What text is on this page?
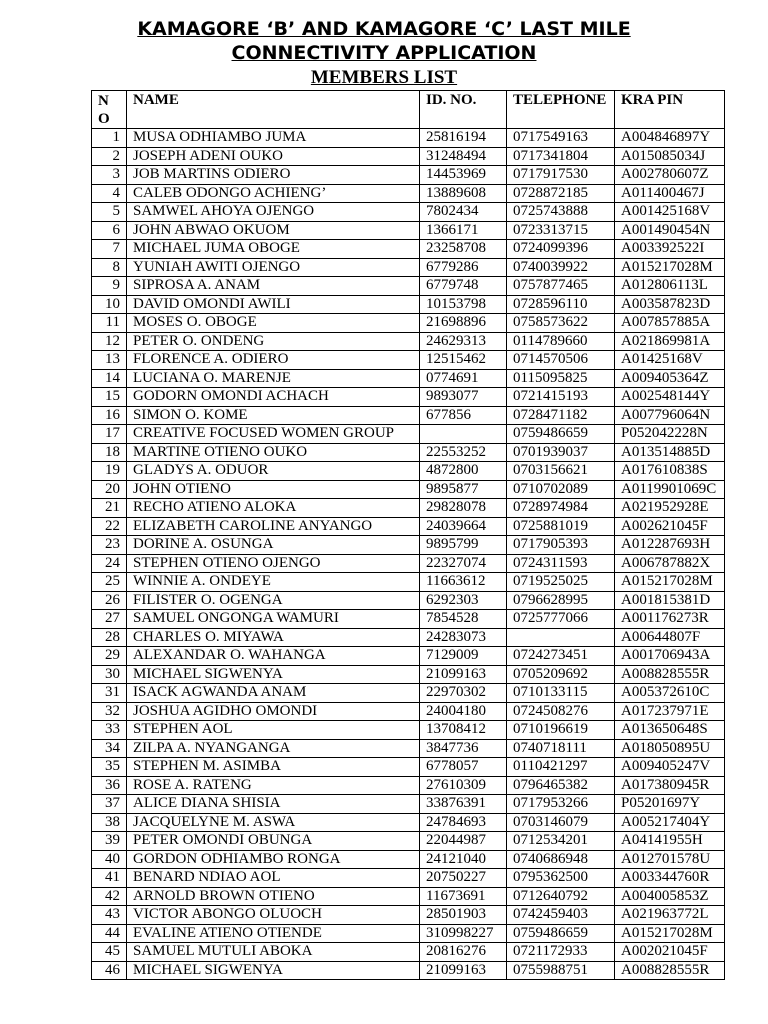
KAMAGORE ‘B’ AND KAMAGORE ‘C’ LAST MILE
CONNECTIVITY APPLICATION
MEMBERS LIST
NO	NAME	ID. NO.	TELEPHONE	KRA PIN
1	MUSA ODHIAMBO JUMA	25816194	0717549163	A004846897Y
2	JOSEPH ADENI OUKO	31248494	0717341804	A015085034J
3	JOB MARTINS ODIERO	14453969	0717917530	A002780607Z
4	CALEB ODONGO ACHIENG’	13889608	0728872185	A011400467J
5	SAMWEL AHOYA OJENGO	7802434	0725743888	A001425168V
6	JOHN ABWAO OKUOM	1366171	0723313715	A001490454N
7	MICHAEL JUMA OBOGE	23258708	0724099396	A003392522I
8	YUNIAH AWITI OJENGO	6779286	0740039922	A015217028M
9	SIPROSA A. ANAM	6779748	0757877465	A012806113L
10	DAVID OMONDI AWILI	10153798	0728596110	A003587823D
11	MOSES O. OBOGE	21698896	0758573622	A007857885A
12	PETER O. ONDENG	24629313	0114789660	A021869981A
13	FLORENCE A. ODIERO	12515462	0714570506	A01425168V
14	LUCIANA O. MARENJE	0774691	0115095825	A009405364Z
15	GODORN OMONDI ACHACH	9893077	0721415193	A002548144Y
16	SIMON O. KOME	677856	0728471182	A007796064N
17	CREATIVE FOCUSED WOMEN GROUP		0759486659	P052042228N
18	MARTINE OTIENO OUKO	22553252	0701939037	A013514885D
19	GLADYS A. ODUOR	4872800	0703156621	A017610838S
20	JOHN OTIENO	9895877	0710702089	A0119901069C
21	RECHO ATIENO ALOKA	29828078	0728974984	A021952928E
22	ELIZABETH CAROLINE ANYANGO	24039664	0725881019	A002621045F
23	DORINE A. OSUNGA	9895799	0717905393	A012287693H
24	STEPHEN OTIENO OJENGO	22327074	0724311593	A006787882X
25	WINNIE A. ONDEYE	11663612	0719525025	A015217028M
26	FILISTER O. OGENGA	6292303	0796628995	A001815381D
27	SAMUEL ONGONGA WAMURI	7854528	0725777066	A001176273R
28	CHARLES O. MIYAWA	24283073		A00644807F
29	ALEXANDAR O. WAHANGA	7129009	0724273451	A001706943A
30	MICHAEL SIGWENYA	21099163	0705209692	A008828555R
31	ISACK AGWANDA ANAM	22970302	0710133115	A005372610C
32	JOSHUA AGIDHO OMONDI	24004180	0724508276	A017237971E
33	STEPHEN AOL	13708412	0710196619	A013650648S
34	ZILPA A. NYANGANGA	3847736	0740718111	A018050895U
35	STEPHEN M. ASIMBA	6778057	0110421297	A009405247V
36	ROSE A. RATENG	27610309	0796465382	A017380945R
37	ALICE DIANA SHISIA	33876391	0717953266	P05201697Y
38	JACQUELYNE M. ASWA	24784693	0703146079	A005217404Y
39	PETER OMONDI OBUNGA	22044987	0712534201	A04141955H
40	GORDON ODHIAMBO RONGA	24121040	0740686948	A012701578U
41	BENARD NDIAO AOL	20750227	0795362500	A003344760R
42	ARNOLD BROWN OTIENO	11673691	0712640792	A004005853Z
43	VICTOR ABONGO OLUOCH	28501903	0742459403	A021963772L
44	EVALINE ATIENO OTIENDE	310998227	0759486659	A015217028M
45	SAMUEL MUTULI ABOKA	20816276	0721172933	A002021045F
46	MICHAEL SIGWENYA	21099163	0755988751	A008828555R
